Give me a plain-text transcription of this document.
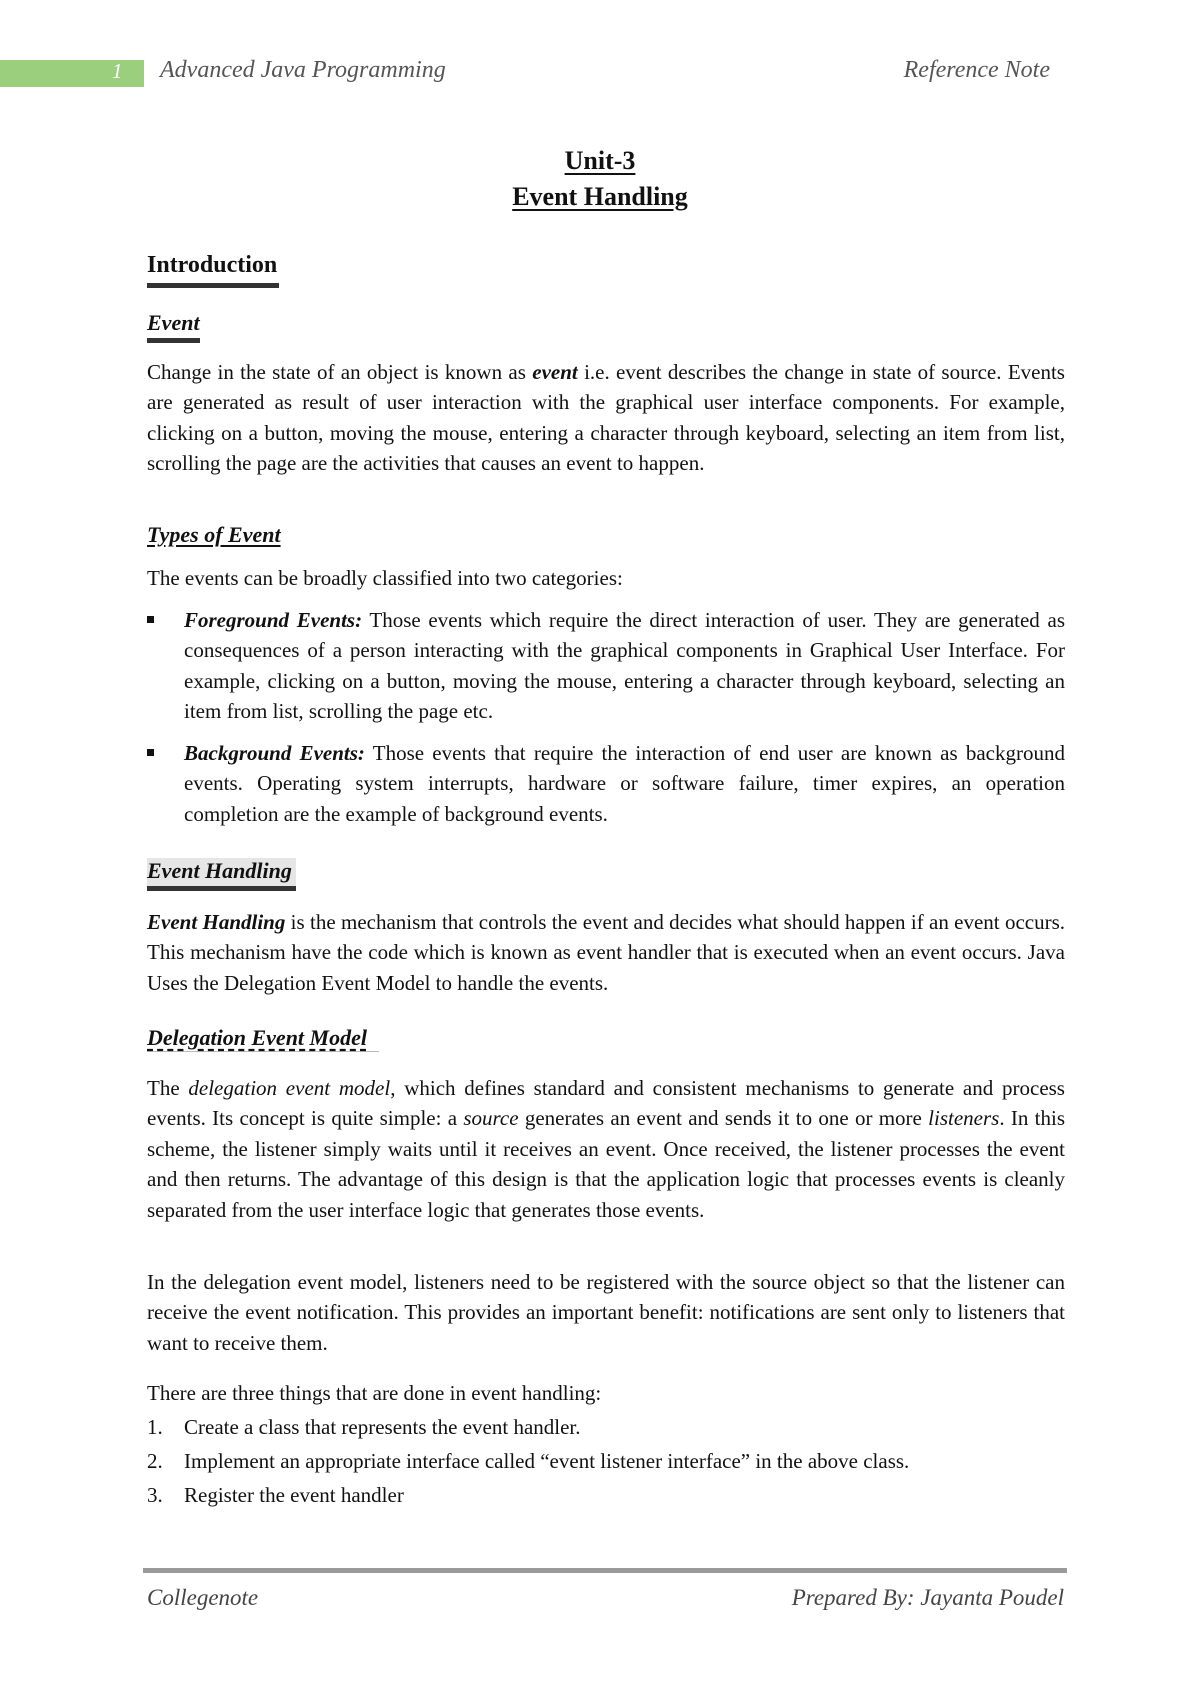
1	Advanced Java Programming	Reference Note
Unit-3
Event Handling
Introduction
Event

Change in the state of an object is known as event i.e. event describes the change in state of source. Events are generated as result of user interaction with the graphical user interface components. For example, clicking on a button, moving the mouse, entering a character through keyboard, selecting an item from list, scrolling the page are the activities that causes an event to happen.

Types of Event

The events can be broadly classified into two categories:

Foreground Events: Those events which require the direct interaction of user. They are generated as consequences of a person interacting with the graphical components in Graphical User Interface. For example, clicking on a button, moving the mouse, entering a character through keyboard, selecting an item from list, scrolling the page etc.
Background Events: Those events that require the interaction of end user are known as background events. Operating system interrupts, hardware or software failure, timer expires, an operation completion are the example of background events.
Event Handling

Event Handling is the mechanism that controls the event and decides what should happen if an event occurs. This mechanism have the code which is known as event handler that is executed when an event occurs. Java Uses the Delegation Event Model to handle the events.

Delegation Event Model

The delegation event model, which defines standard and consistent mechanisms to generate and process events. Its concept is quite simple: a source generates an event and sends it to one or more listeners. In this scheme, the listener simply waits until it receives an event. Once received, the listener processes the event and then returns. The advantage of this design is that the application logic that processes events is cleanly separated from the user interface logic that generates those events.

In the delegation event model, listeners need to be registered with the source object so that the listener can receive the event notification. This provides an important benefit: notifications are sent only to listeners that want to receive them.

There are three things that are done in event handling:

1. Create a class that represents the event handler.
2. Implement an appropriate interface called “event listener interface” in the above class.
3. Register the event handler
Collegenote	Prepared By: Jayanta Poudel
